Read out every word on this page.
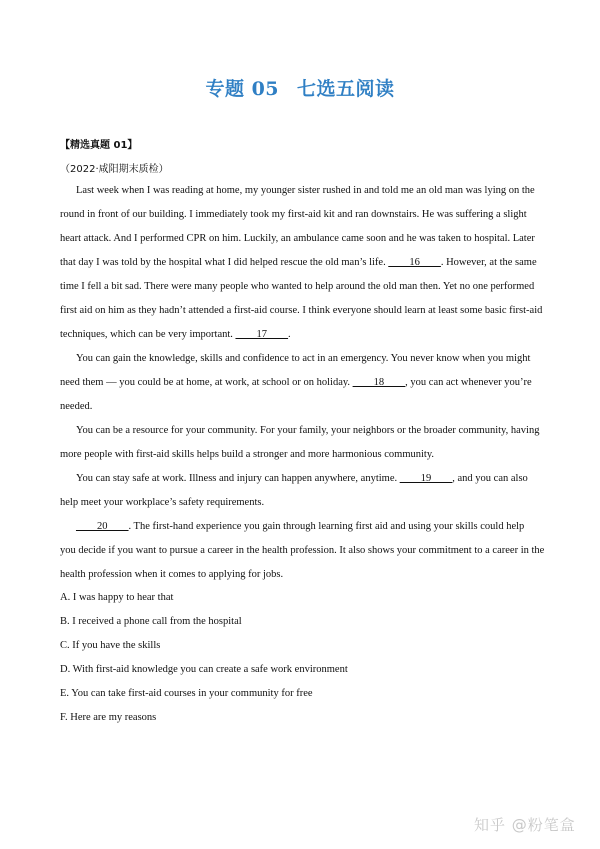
专题 05 七选五阅读
【精选真题 01】
（2022·咸阳期末质检）
Last week when I was reading at home, my younger sister rushed in and told me an old man was lying on the
round in front of our building. I immediately took my first-aid kit and ran downstairs. He was suffering a slight
heart attack. And I performed CPR on him. Luckily, an ambulance came soon and he was taken to hospital. Later
that day I was told by the hospital what I did helped rescue the old man’s life. ____16____. However, at the same
time I fell a bit sad. There were many people who wanted to help around the old man then. Yet no one performed
first aid on him as they hadn’t attended a first-aid course. I think everyone should learn at least some basic first-aid
techniques, which can be very important. ____17____.
You can gain the knowledge, skills and confidence to act in an emergency. You never know when you might
need them — you could be at home, at work, at school or on holiday. ____18____, you can act whenever you’re
needed.
You can be a resource for your community. For your family, your neighbors or the broader community, having
more people with first-aid skills helps build a stronger and more harmonious community.
You can stay safe at work. Illness and injury can happen anywhere, anytime. ____19____, and you can also
help meet your workplace’s safety requirements.
____20____. The first-hand experience you gain through learning first aid and using your skills could help
you decide if you want to pursue a career in the health profession. It also shows your commitment to a career in the
health profession when it comes to applying for jobs.
A. I was happy to hear that
B. I received a phone call from the hospital
C. If you have the skills
D. With first-aid knowledge you can create a safe work environment
E. You can take first-aid courses in your community for free
F. Here are my reasons
知乎 @粉笔盒
